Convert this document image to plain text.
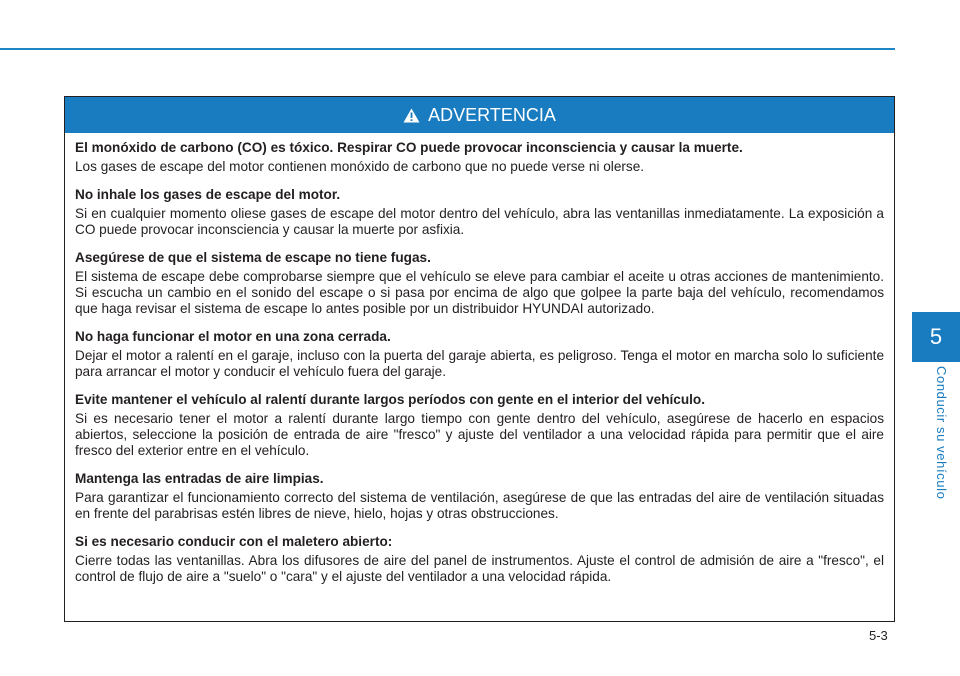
ADVERTENCIA

El monóxido de carbono (CO) es tóxico. Respirar CO puede provocar inconsciencia y causar la muerte.

Los gases de escape del motor contienen monóxido de carbono que no puede verse ni olerse.

No inhale los gases de escape del motor.

Si en cualquier momento oliese gases de escape del motor dentro del vehículo, abra las ventanillas inmediatamente. La exposición a CO puede provocar inconsciencia y causar la muerte por asfixia.

Asegúrese de que el sistema de escape no tiene fugas.

El sistema de escape debe comprobarse siempre que el vehículo se eleve para cambiar el aceite u otras acciones de mantenimiento. Si escucha un cambio en el sonido del escape o si pasa por encima de algo que golpee la parte baja del vehículo, recomendamos que haga revisar el sistema de escape lo antes posible por un distribuidor HYUNDAI autorizado.

No haga funcionar el motor en una zona cerrada.

Dejar el motor a ralentí en el garaje, incluso con la puerta del garaje abierta, es peligroso. Tenga el motor en marcha solo lo suficiente para arrancar el motor y conducir el vehículo fuera del garaje.

Evite mantener el vehículo al ralentí durante largos períodos con gente en el interior del vehículo.

Si es necesario tener el motor a ralentí durante largo tiempo con gente dentro del vehículo, asegúrese de hacerlo en espacios abiertos, seleccione la posición de entrada de aire "fresco" y ajuste del ventilador a una velocidad rápida para permitir que el aire fresco del exterior entre en el vehículo.

Mantenga las entradas de aire limpias.

Para garantizar el funcionamiento correcto del sistema de ventilación, asegúrese de que las entradas del aire de ventilación situadas en frente del parabrisas estén libres de nieve, hielo, hojas y otras obstrucciones.

Si es necesario conducir con el maletero abierto:

Cierre todas las ventanillas. Abra los difusores de aire del panel de instrumentos. Ajuste el control de admisión de aire a "fresco", el control de flujo de aire a "suelo" o "cara" y el ajuste del ventilador a una velocidad rápida.

5
Conducir su vehículo
5-3
